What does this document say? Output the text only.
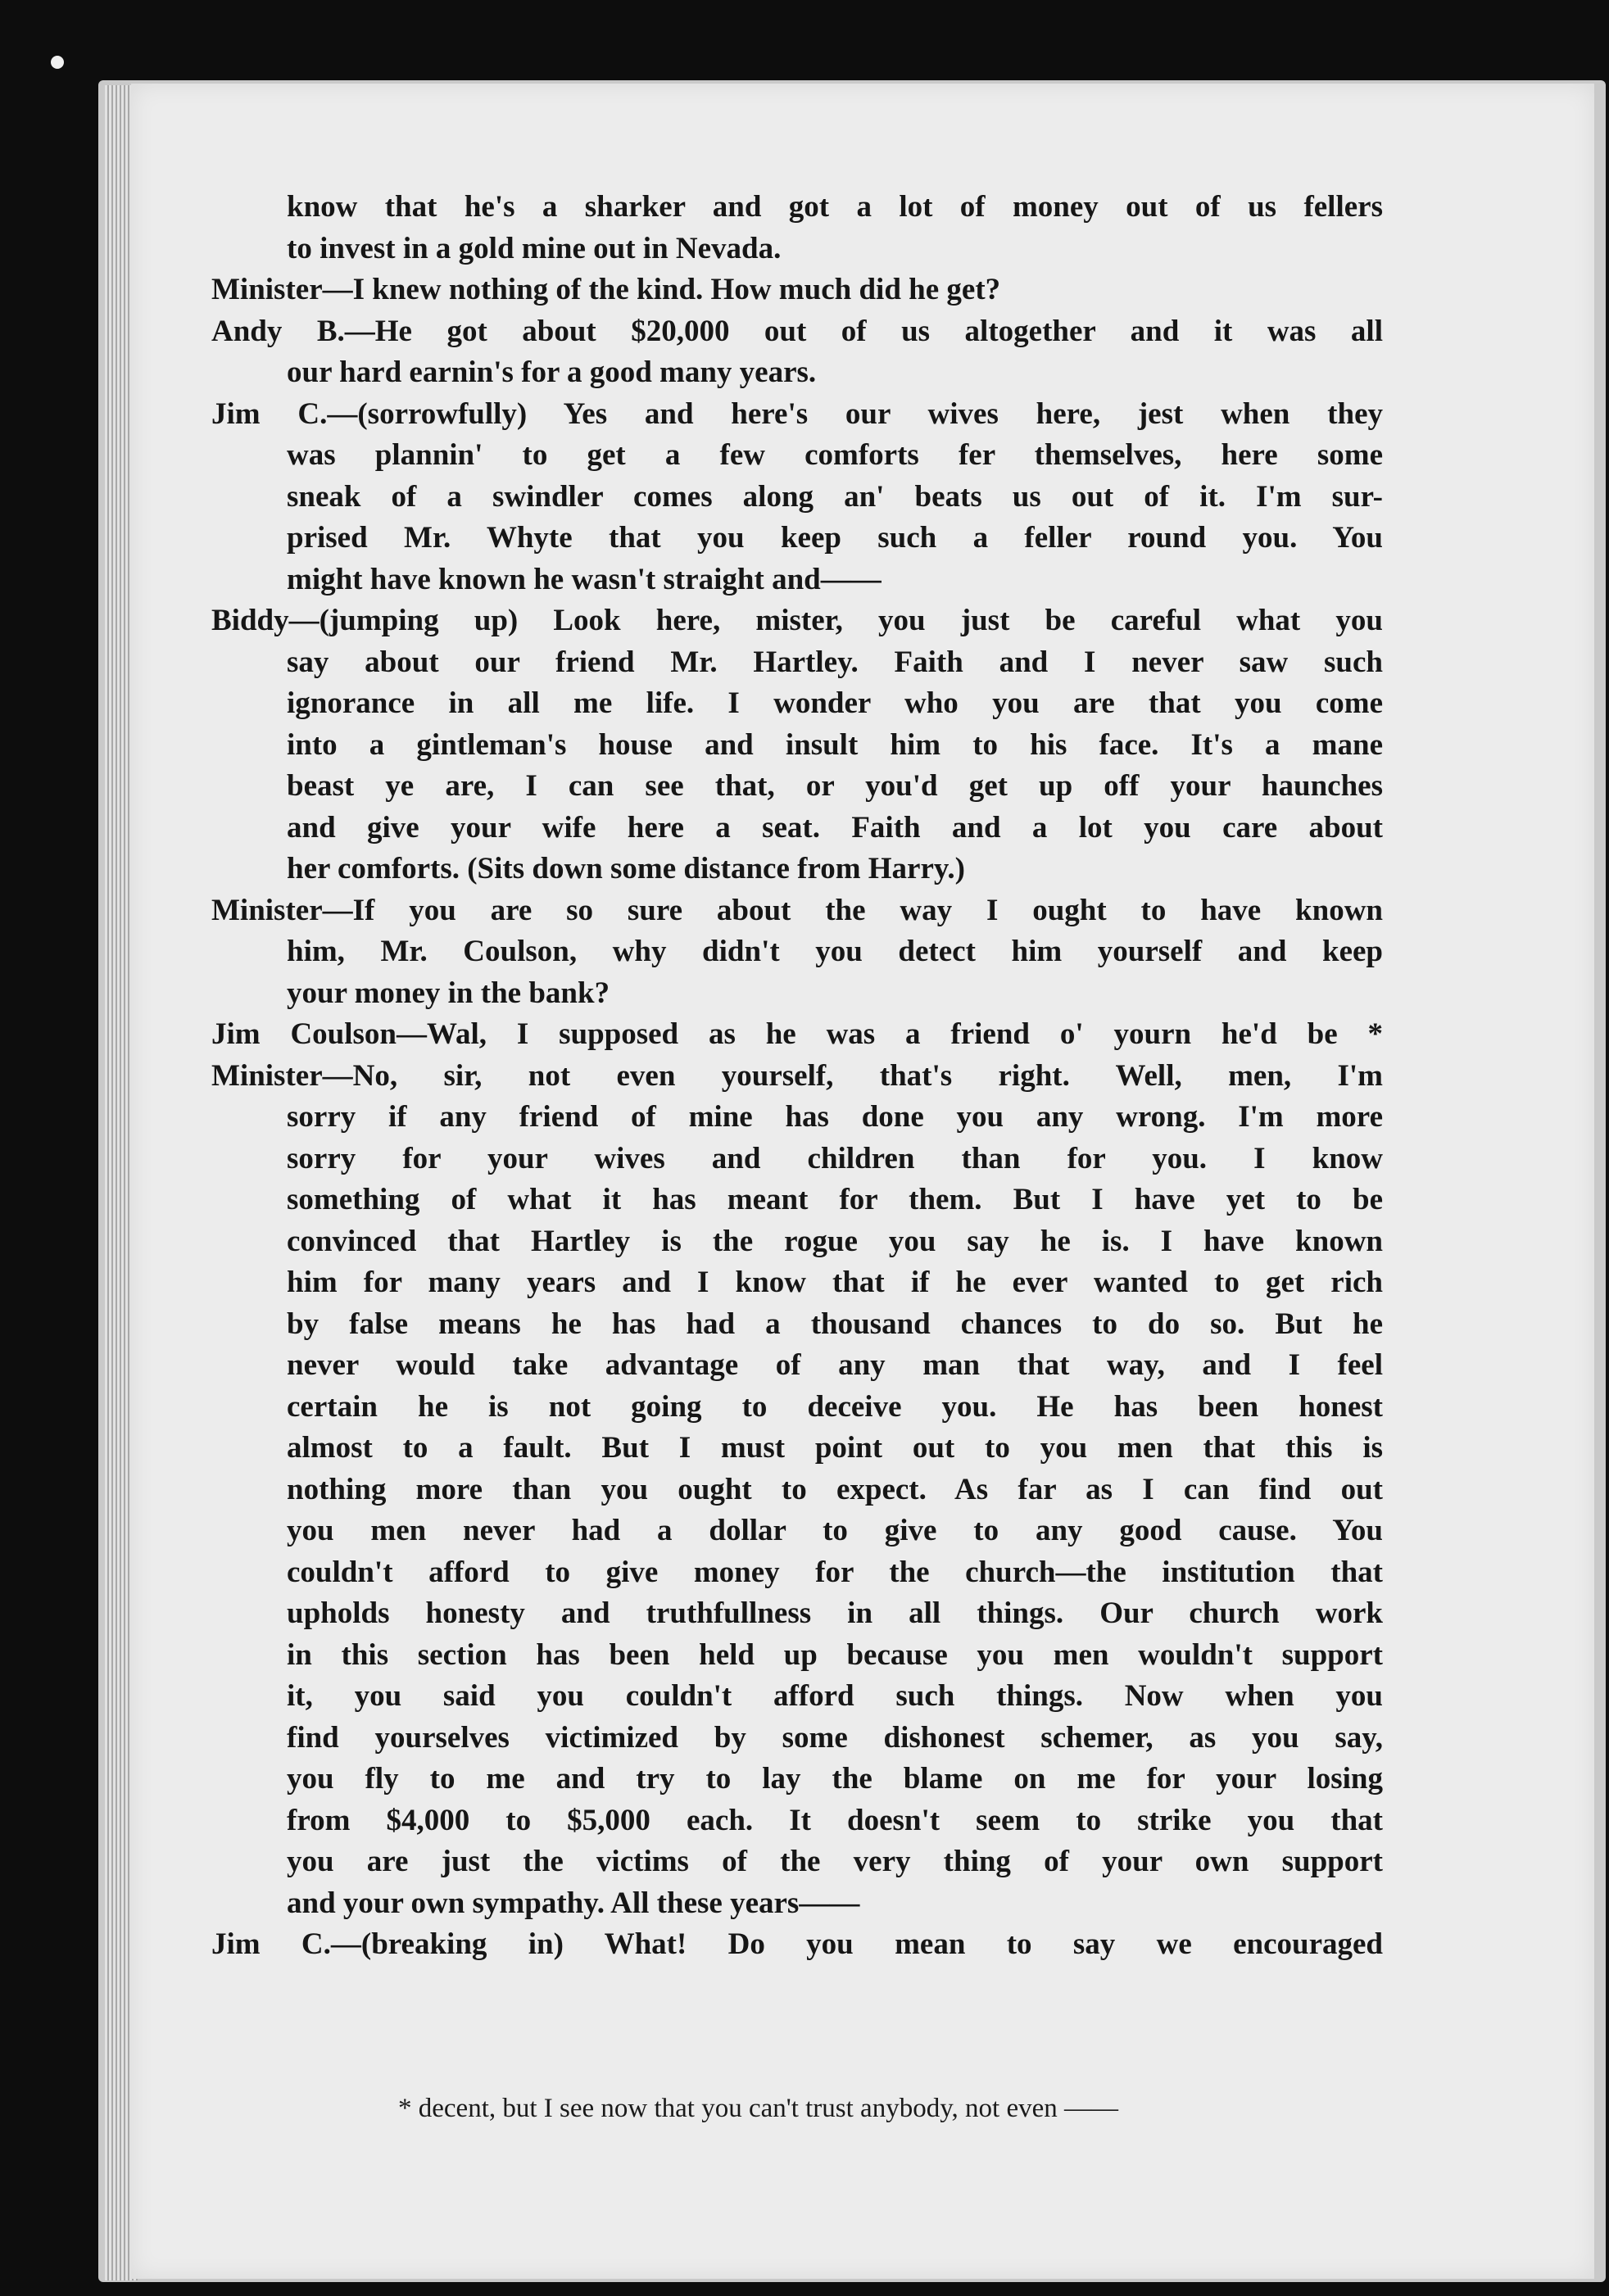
know that he's a sharker and got a lot of money out of us fellers
to invest in a gold mine out in Nevada.
Minister—I knew nothing of the kind. How much did he get?
Andy B.—He got about $20,000 out of us altogether and it was all
our hard earnin's for a good many years.
Jim C.—(sorrowfully) Yes and here's our wives here, jest when they
was plannin' to get a few comforts fer themselves, here some
sneak of a swindler comes along an' beats us out of it. I'm sur-
prised Mr. Whyte that you keep such a feller round you. You
might have known he wasn't straight and——
Biddy—(jumping up) Look here, mister, you just be careful what you
say about our friend Mr. Hartley. Faith and I never saw such
ignorance in all me life. I wonder who you are that you come
into a gintleman's house and insult him to his face. It's a mane
beast ye are, I can see that, or you'd get up off your haunches
and give your wife here a seat. Faith and a lot you care about
her comforts. (Sits down some distance from Harry.)
Minister—If you are so sure about the way I ought to have known
him, Mr. Coulson, why didn't you detect him yourself and keep
your money in the bank?
Jim Coulson—Wal, I supposed as he was a friend o' yourn he'd be *
Minister—No, sir, not even yourself, that's right. Well, men, I'm
sorry if any friend of mine has done you any wrong. I'm more
sorry for your wives and children than for you. I know
something of what it has meant for them. But I have yet to be
convinced that Hartley is the rogue you say he is. I have known
him for many years and I know that if he ever wanted to get rich
by false means he has had a thousand chances to do so. But he
never would take advantage of any man that way, and I feel
certain he is not going to deceive you. He has been honest
almost to a fault. But I must point out to you men that this is
nothing more than you ought to expect. As far as I can find out
you men never had a dollar to give to any good cause. You
couldn't afford to give money for the church—the institution that
upholds honesty and truthfullness in all things. Our church work
in this section has been held up because you men wouldn't support
it, you said you couldn't afford such things. Now when you
find yourselves victimized by some dishonest schemer, as you say,
you fly to me and try to lay the blame on me for your losing
from $4,000 to $5,000 each. It doesn't seem to strike you that
you are just the victims of the very thing of your own support
and your own sympathy. All these years——
Jim C.—(breaking in) What! Do you mean to say we encouraged
* decent, but I see now that you can't trust anybody, not even ——
